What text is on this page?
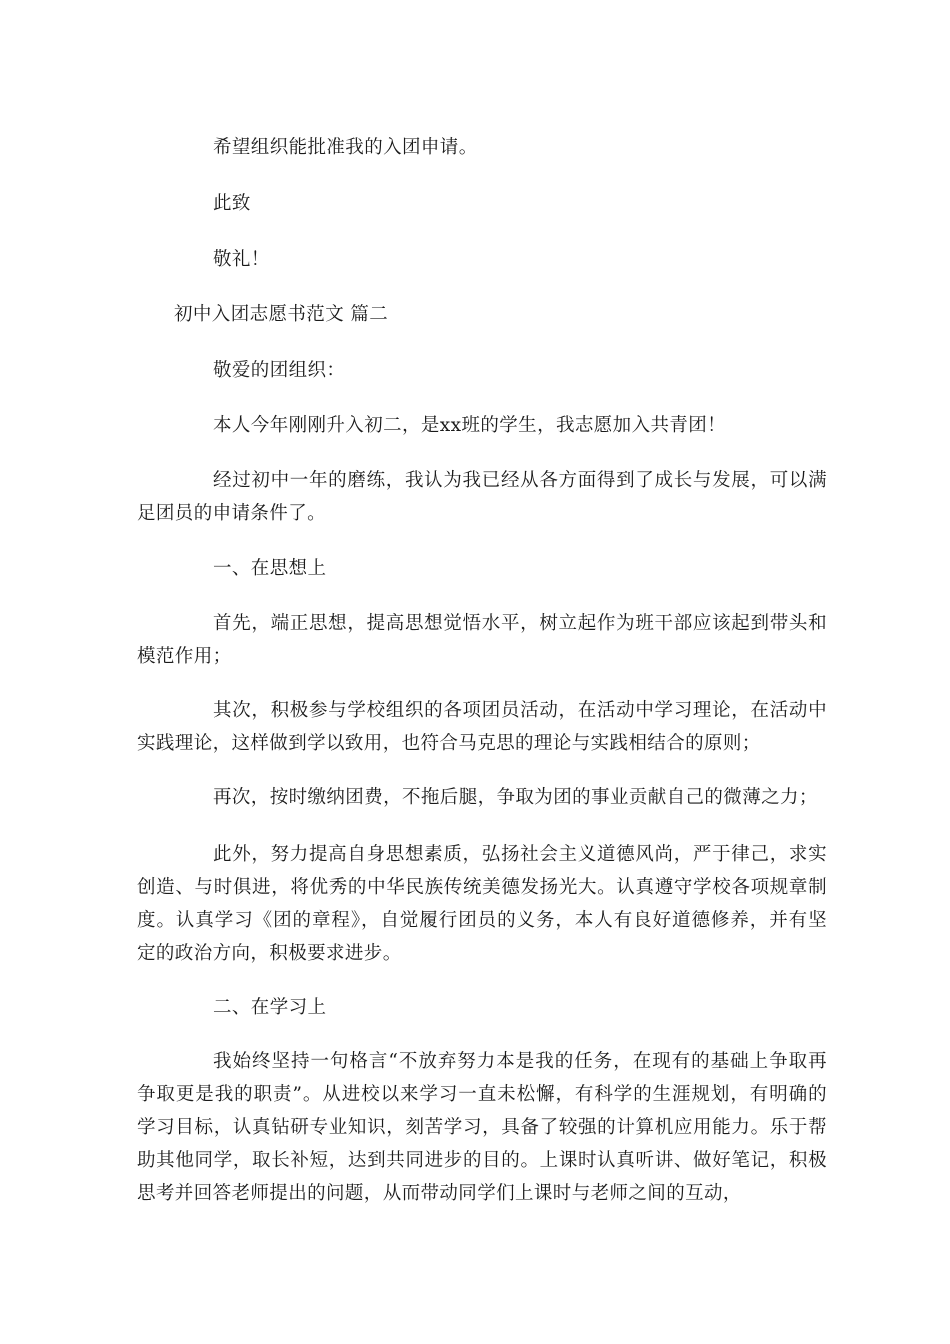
希望组织能批准我的入团申请。
此致
敬礼！
初中入团志愿书范文 篇二
敬爱的团组织：
本人今年刚刚升入初二，是xx班的学生，我志愿加入共青团！
经过初中一年的磨练，我认为我已经从各方面得到了成长与发展，可以满足团员的申请条件了。
一、在思想上
首先，端正思想，提高思想觉悟水平，树立起作为班干部应该起到带头和模范作用；
其次，积极参与学校组织的各项团员活动，在活动中学习理论，在活动中实践理论，这样做到学以致用，也符合马克思的理论与实践相结合的原则；
再次，按时缴纳团费，不拖后腿，争取为团的事业贡献自己的微薄之力；
此外，努力提高自身思想素质，弘扬社会主义道德风尚，严于律己，求实创造、与时俱进，将优秀的中华民族传统美德发扬光大。认真遵守学校各项规章制度。认真学习《团的章程》，自觉履行团员的义务，本人有良好道德修养，并有坚定的政治方向，积极要求进步。
二、在学习上
我始终坚持一句格言“不放弃努力本是我的任务，在现有的基础上争取再争取更是我的职责”。从进校以来学习一直未松懈，有科学的生涯规划，有明确的学习目标，认真钻研专业知识，刻苦学习，具备了较强的计算机应用能力。乐于帮助其他同学，取长补短，达到共同进步的目的。上课时认真听讲、做好笔记，积极思考并回答老师提出的问题，从而带动同学们上课时与老师之间的互动，
